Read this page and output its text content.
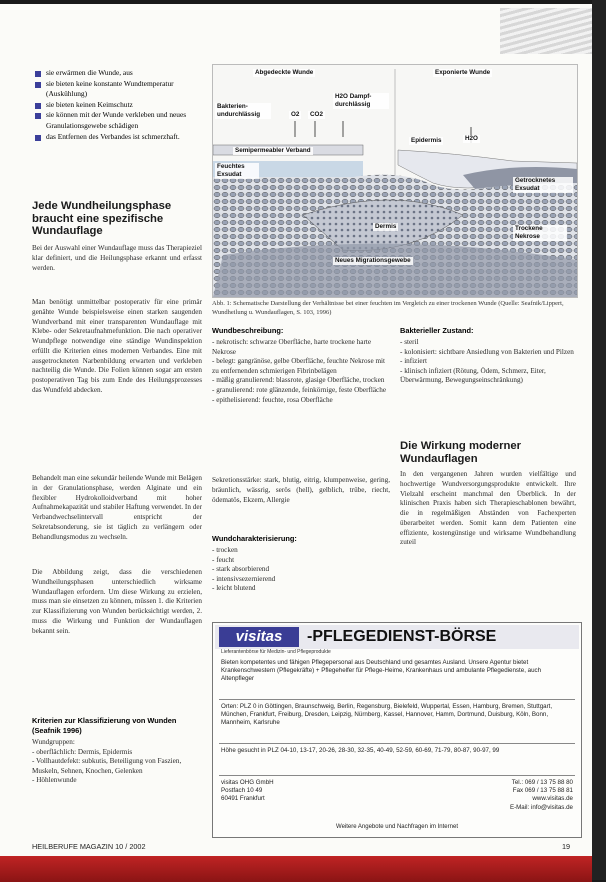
sie erwärmen die Wunde, aus
sie bieten keine konstante Wundtemperatur (Auskühlung)
sie bieten keinen Keimschutz
sie können mit der Wunde verkleben und neues Granulationsgewebe schädigen
das Entfernen des Verbandes ist schmerzhaft.
Jede Wundheilungsphase braucht eine spezifische Wundauflage
Bei der Auswahl einer Wundauflage muss das Therapieziel klar definiert, und die Heilungsphase erkannt und erfasst werden.
Man benötigt unmittelbar postoperativ für eine primär genähte Wunde beispielsweise einen starken saugenden Wundverband mit einer transparenten Wundauflage mit Klebe- oder Sekretaufnahmefunktion. Die nach operativer Wundpflege notwendige eine ständige Wundinspektion erfüllt die Kriterien eines modernen Verbandes. Eine mit ausgetrockneten Narbenbildung erwarten und verkleben nachteilig die Wunde. Die Folien können sogar am ersten postoperativen Tag bis zum Ende des Heilungsprozesses das Wundfeld abdecken.
Behandelt man eine sekundär heilende Wunde mit Belägen in der Granulationsphase, werden Alginate und ein flexibler Hydrokolloidverband mit hoher Aufnahmekapazität und stabiler Haftung verwendet. In der Verbandwechselintervall entspricht der Sekretabsonderung, sie ist täglich zu verlängern oder Behandlungsmodus zu wechseln.
Die Abbildung zeigt, dass die verschiedenen Wundheilungsphasen unterschiedlich wirksame Wundauflagen erfordern. Um diese Wirkung zu erzielen, muss man sie einsetzen zu können, müssen 1. die Kriterien zur Klassifizierung von Wunden berücksichtigt werden, 2. muss die Wirkung und Funktion der Wundauflagen bekannt sein.
Kriterien zur Klassifizierung von Wunden (Seafnik 1996)
Wundgruppen:
- oberflächlich: Dermis, Epidermis
- Vollhautdefekt: subkutis, Beteiligung von Faszien, Muskeln, Sehnen, Knochen, Gelenken
- Höhlenwunde
Abgedeckte Wunde	Exponierte Wunde
Bakterien-undurchlässig	O2	CO2
H2O Dampf-durchlässig
Semipermeabler Verband
Epidermis	H2O
Feuchtes Exsudat
Getrocknetes Exsudat
Dermis	Trockene Nekrose
Neues Migrationsgewebe
Abb. 1: Schematische Darstellung der Verhältnisse bei einer feuchten im Vergleich zu einer trockenen Wunde (Quelle: Seafnik/Lippert, Wundheilung u. Wundauflagen, S. 103, 1996)
Wundbeschreibung:
- nekrotisch: schwarze Oberfläche, harte trockene harte Nekrose
- belegt: gangränöse, gelbe Oberfläche, feuchte Nekrose mit zu entfernenden schmierigen Fibrinbelägen
- mäßig granulierend: blassrote, glasige Oberfläche, trocken
- granulierend: rote glänzende, feinkörnige, feste Oberfläche
- epithelisierend: feuchte, rosa Oberfläche
Sekretionsstärke: stark, blutig, eitrig, klumpenweise, gering, bräunlich, wässrig, serös (hell), gelblich, trübe, riecht, ödematös, Ekzem, Allergie
Wundcharakterisierung:
- trocken
- feucht
- stark absorbierend
- intensivsezernierend
- leicht blutend
Bakterieller Zustand:
- steril
- kolonisiert: sichtbare Ansiedlung von Bakterien und Pilzen
- infiziert
- klinisch infiziert (Rötung, Ödem, Schmerz, Eiter, Überwärmung, Bewegungseinschränkung)
Die Wirkung moderner Wundauflagen
In den vergangenen Jahren wurden vielfältige und hochwertige Wundversorgungsprodukte entwickelt. Ihre Vielzahl erscheint manchmal den Überblick. In der klinischen Praxis haben sich Therapieschablonen bewährt, die in regelmäßigen Abständen von Fachexperten überarbeitet werden. Somit kann dem Patienten eine effiziente, kostengünstige und wirksame Wundbehandlung zuteil
visitas	-PFLEGEDIENST-BÖRSE
Lieferantenbörse für Medizin- und Pflegeprodukte
Bieten kompetentes und fähigen Pflegepersonal aus Deutschland und gesamtes Ausland. Unsere Agentur bietet Krankenschwestern (Pflegekräfte) + Pflegehelfer für Pflege-Heime, Krankenhaus und ambulante Pflegedienste, auch Altenpfleger
Orten: PLZ 0 in Göttingen, Braunschweig, Berlin, Regensburg, Bielefeld, Wuppertal, Essen, Hamburg, Bremen, Stuttgart, München, Frankfurt, Freiburg, Dresden, Leipzig, Nürnberg, Kassel, Hannover, Hamm, Dortmund, Duisburg, Köln, Bonn, Mannheim, Karlsruhe
Höhe gesucht in PLZ 04-10, 13-17, 20-26, 28-30, 32-35, 40-49, 52-59, 60-69, 71-79, 80-87, 90-97, 99
visitas OHG GmbH
Postfach 10 49
60491 Frankfurt
Tel.: 069 / 13 75 88 80
Fax 069 / 13 75 88 81
www.visitas.de
E-Mail: info@visitas.de
Weitere Angebote und Nachfragen im Internet
HEILBERUFE MAGAZIN 10 / 2002	19
